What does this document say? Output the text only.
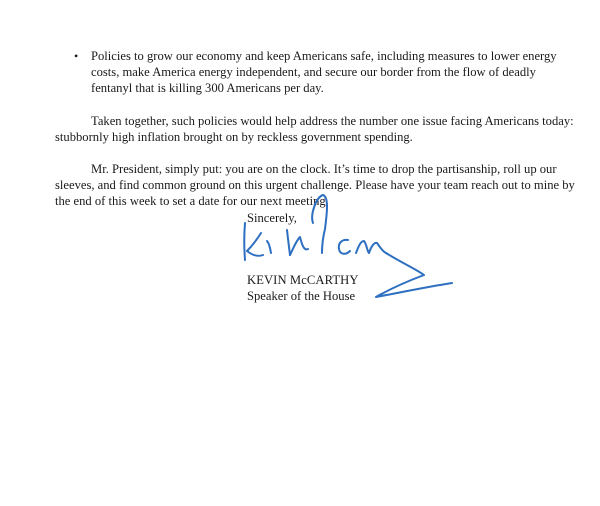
•	Policies to grow our economy and keep Americans safe, including measures to lower energy costs, make America energy independent, and secure our border from the flow of deadly fentanyl that is killing 300 Americans per day.
Taken together, such policies would help address the number one issue facing Americans today: stubbornly high inflation brought on by reckless government spending.
Mr. President, simply put: you are on the clock. It’s time to drop the partisanship, roll up our sleeves, and find common ground on this urgent challenge. Please have your team reach out to mine by the end of this week to set a date for our next meeting.
Sincerely,
KEVIN McCARTHY
Speaker of the House
